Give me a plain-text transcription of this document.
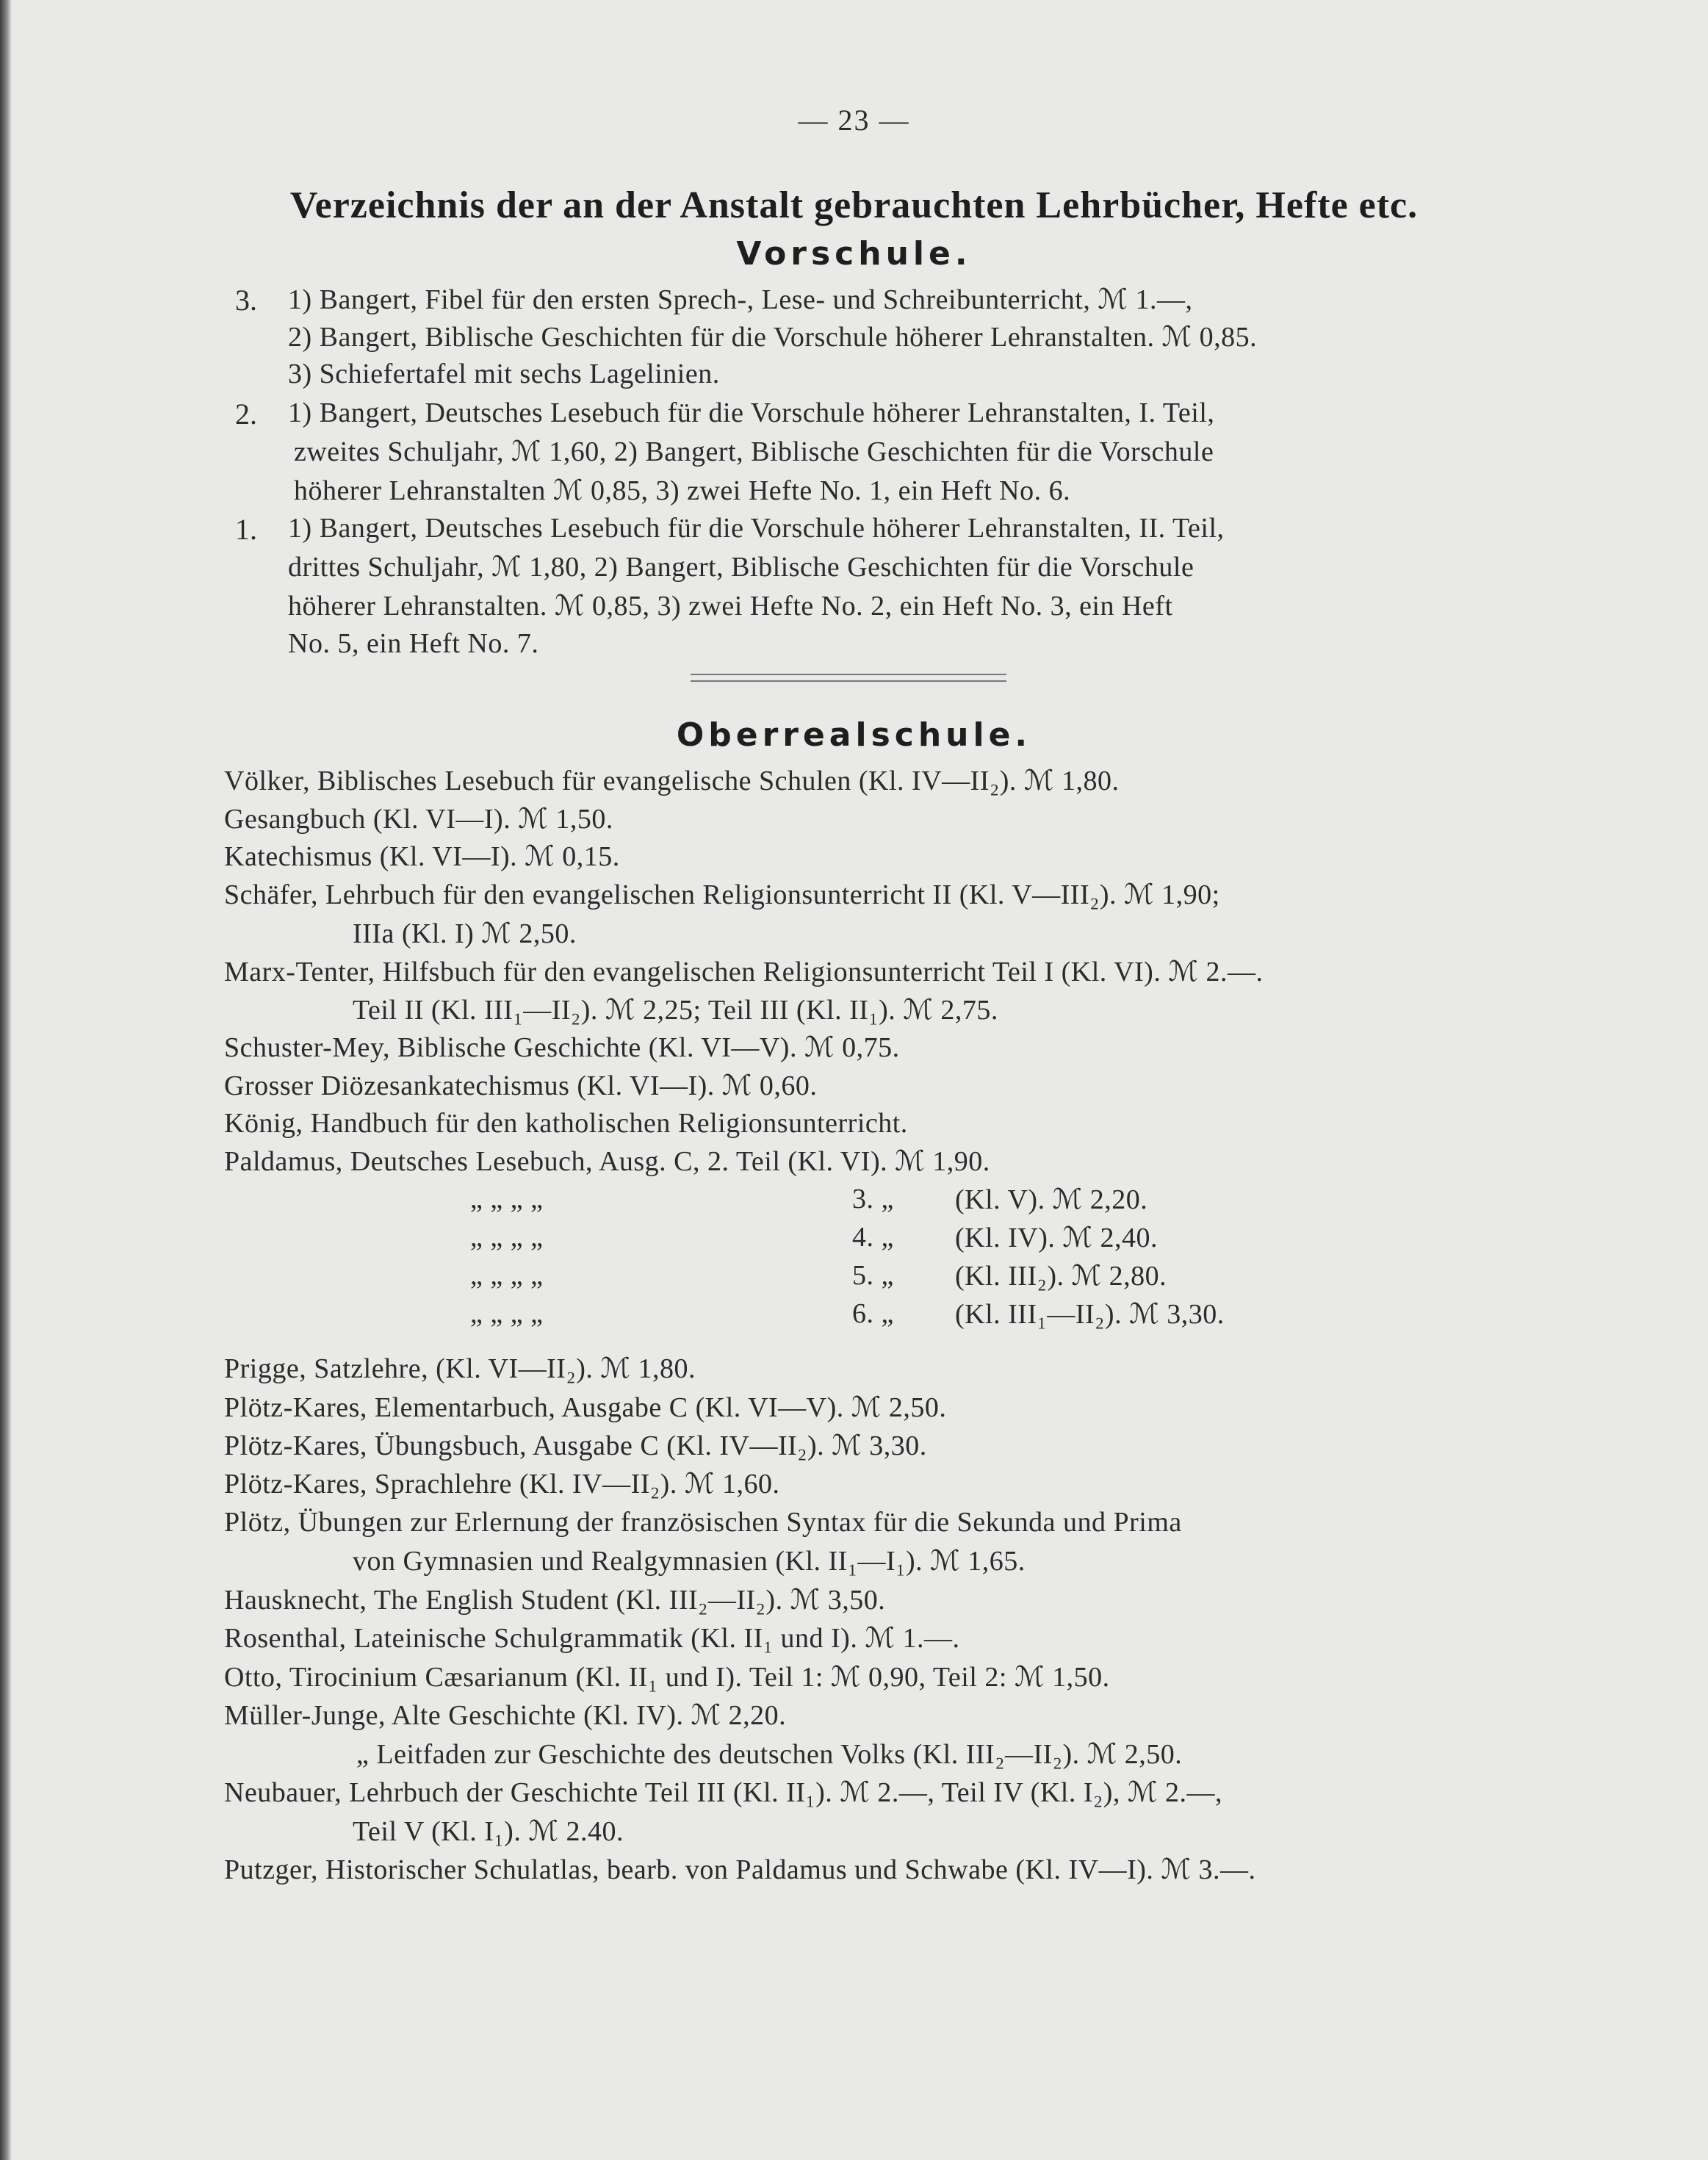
— 23 —
Verzeichnis der an der Anstalt gebrauchten Lehrbücher, Hefte etc.
Vorschule.
3. 1) Bangert, Fibel für den ersten Sprech-, Lese- und Schreibunterricht, ℳ 1.—,
2) Bangert, Biblische Geschichten für die Vorschule höherer Lehranstalten. ℳ 0,85.
3) Schiefertafel mit sechs Lagelinien.
2. 1) Bangert, Deutsches Lesebuch für die Vorschule höherer Lehranstalten, I. Teil,
zweites Schuljahr, ℳ 1,60, 2) Bangert, Biblische Geschichten für die Vorschule
höherer Lehranstalten ℳ 0,85, 3) zwei Hefte No. 1, ein Heft No. 6.
1. 1) Bangert, Deutsches Lesebuch für die Vorschule höherer Lehranstalten, II. Teil,
drittes Schuljahr, ℳ 1,80, 2) Bangert, Biblische Geschichten für die Vorschule
höherer Lehranstalten. ℳ 0,85, 3) zwei Hefte No. 2, ein Heft No. 3, ein Heft
No. 5, ein Heft No. 7.
Oberrealschule.
Völker, Biblisches Lesebuch für evangelische Schulen (Kl. IV—II₂). ℳ 1,80.
Gesangbuch (Kl. VI—I). ℳ 1,50.
Katechismus (Kl. VI—I). ℳ 0,15.
Schäfer, Lehrbuch für den evangelischen Religionsunterricht II (Kl. V—III₂). ℳ 1,90;
IIIa (Kl. I) ℳ 2,50.
Marx-Tenter, Hilfsbuch für den evangelischen Religionsunterricht Teil I (Kl. VI). ℳ 2.—.
Teil II (Kl. III₁—II₂). ℳ 2,25; Teil III (Kl. II₁). ℳ 2,75.
Schuster-Mey, Biblische Geschichte (Kl. VI—V). ℳ 0,75.
Grosser Diözesankatechismus (Kl. VI—I). ℳ 0,60.
König, Handbuch für den katholischen Religionsunterricht.
Paldamus, Deutsches Lesebuch, Ausg. C, 2. Teil (Kl. VI). ℳ 1,90.
„ „ „ „	3. „ (Kl. V). ℳ 2,20.
„ „ „ „	4. „ (Kl. IV). ℳ 2,40.
„ „ „ „	5. „ (Kl. III₂). ℳ 2,80.
„ „ „ „	6. „ (Kl. III₁—II₂). ℳ 3,30.
Prigge, Satzlehre, (Kl. VI—II₂). ℳ 1,80.
Plötz-Kares, Elementarbuch, Ausgabe C (Kl. VI—V). ℳ 2,50.
Plötz-Kares, Übungsbuch, Ausgabe C (Kl. IV—II₂). ℳ 3,30.
Plötz-Kares, Sprachlehre (Kl. IV—II₂). ℳ 1,60.
Plötz, Übungen zur Erlernung der französischen Syntax für die Sekunda und Prima
von Gymnasien und Realgymnasien (Kl. II₁—I₁). ℳ 1,65.
Hausknecht, The English Student (Kl. III₂—II₂). ℳ 3,50.
Rosenthal, Lateinische Schulgrammatik (Kl. II₁ und I). ℳ 1.—.
Otto, Tirocinium Cæsarianum (Kl. II₁ und I). Teil 1: ℳ 0,90, Teil 2: ℳ 1,50.
Müller-Junge, Alte Geschichte (Kl. IV). ℳ 2,20.
„ Leitfaden zur Geschichte des deutschen Volks (Kl. III₂—II₂). ℳ 2,50.
Neubauer, Lehrbuch der Geschichte Teil III (Kl. II₁). ℳ 2.—, Teil IV (Kl. I₂), ℳ 2.—,
Teil V (Kl. I₁). ℳ 2.40.
Putzger, Historischer Schulatlas, bearb. von Paldamus und Schwabe (Kl. IV—I). ℳ 3.—.
